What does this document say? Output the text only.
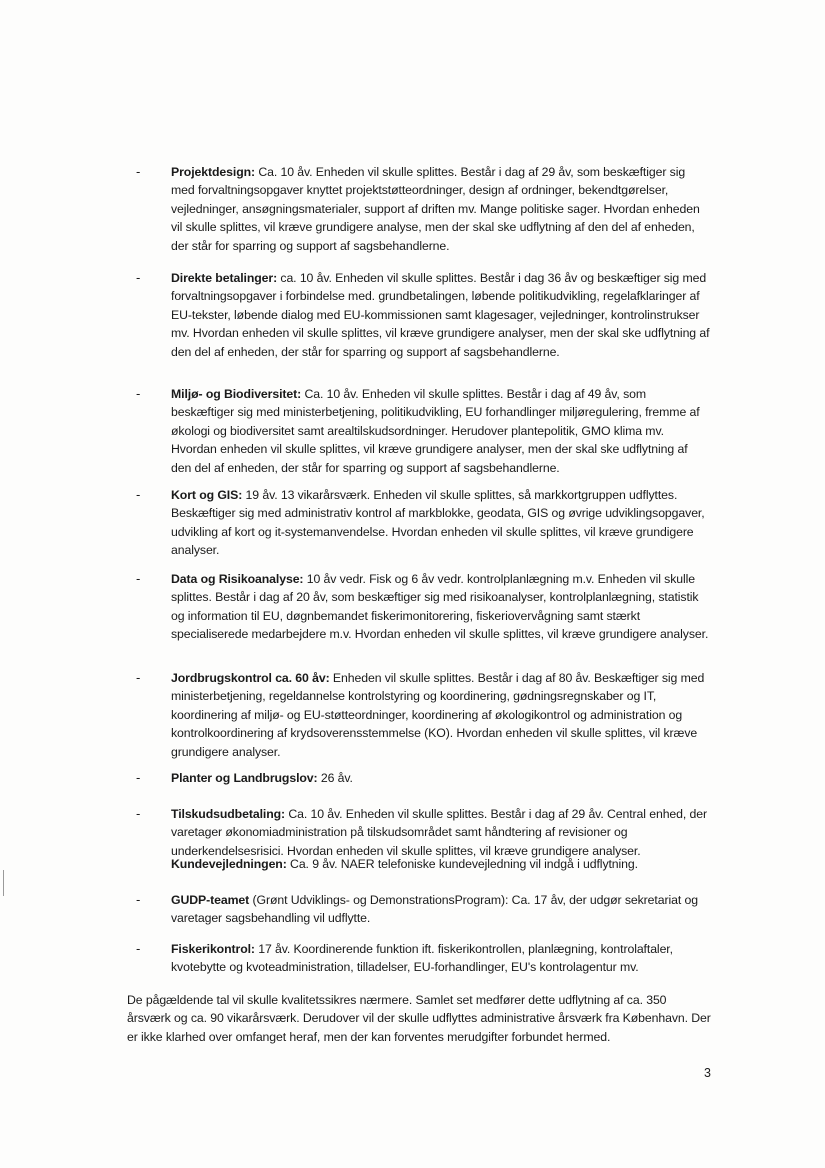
- Projektdesign: Ca. 10 åv. Enheden vil skulle splittes. Består i dag af 29 åv, som beskæftiger sig med forvaltningsopgaver knyttet projektstøtteordninger, design af ordninger, bekendtgørelser, vejledninger, ansøgningsmaterialer, support af driften mv. Mange politiske sager. Hvordan enheden vil skulle splittes, vil kræve grundigere analyse, men der skal ske udflytning af den del af enheden, der står for sparring og support af sagsbehandlerne.
- Direkte betalinger: ca. 10 åv. Enheden vil skulle splittes. Består i dag 36 åv og beskæftiger sig med forvaltningsopgaver i forbindelse med. grundbetalingen, løbende politikudvikling, regelafklaringer af EU-tekster, løbende dialog med EU-kommissionen samt klagesager, vejledninger, kontrolinstrukser mv. Hvordan enheden vil skulle splittes, vil kræve grundigere analyser, men der skal ske udflytning af den del af enheden, der står for sparring og support af sagsbehandlerne.
- Miljø- og Biodiversitet: Ca. 10 åv. Enheden vil skulle splittes. Består i dag af 49 åv, som beskæftiger sig med ministerbetjening, politikudvikling, EU forhandlinger miljøregulering, fremme af økologi og biodiversitet samt arealtilskudsordninger. Herudover plantepolitik, GMO klima mv. Hvordan enheden vil skulle splittes, vil kræve grundigere analyser, men der skal ske udflytning af den del af enheden, der står for sparring og support af sagsbehandlerne.
- Kort og GIS: 19 åv. 13 vikarårsværk. Enheden vil skulle splittes, så markkortgruppen udflyttes. Beskæftiger sig med administrativ kontrol af markblokke, geodata, GIS og øvrige udviklingsopgaver, udvikling af kort og it-systemanvendelse. Hvordan enheden vil skulle splittes, vil kræve grundigere analyser.
- Data og Risikoanalyse: 10 åv vedr. Fisk og 6 åv vedr. kontrolplanlægning m.v. Enheden vil skulle splittes. Består i dag af 20 åv, som beskæftiger sig med risikoanalyser, kontrolplanlægning, statistik og information til EU, døgnbemandet fiskerimonitorering, fiskeriovervågning samt stærkt specialiserede medarbejdere m.v. Hvordan enheden vil skulle splittes, vil kræve grundigere analyser.
- Jordbrugskontrol ca. 60 åv: Enheden vil skulle splittes. Består i dag af 80 åv. Beskæftiger sig med ministerbetjening, regeldannelse kontrolstyring og koordinering, gødningsregnskaber og IT, koordinering af miljø- og EU-støtteordninger, koordinering af økologikontrol og administration og kontrolkoordinering af krydsoverensstemmelse (KO). Hvordan enheden vil skulle splittes, vil kræve grundigere analyser.
- Planter og Landbrugslov: 26 åv.
- Tilskudsudbetaling: Ca. 10 åv. Enheden vil skulle splittes. Består i dag af 29 åv. Central enhed, der varetager økonomiadministration på tilskudsområdet samt håndtering af revisioner og underkendelsesrisici. Hvordan enheden vil skulle splittes, vil kræve grundigere analyser.
Kundevejledningen: Ca. 9 åv. NAER telefoniske kundevejledning vil indgå i udflytning.
- GUDP-teamet (Grønt Udviklings- og DemonstrationsProgram): Ca. 17 åv, der udgør sekretariat og varetager sagsbehandling vil udflytte.
- Fiskerikontrol: 17 åv. Koordinerende funktion ift. fiskerikontrollen, planlægning, kontrolaftaler, kvotebytte og kvoteadministration, tilladelser, EU-forhandlinger, EU's kontrolagentur mv.

De pågældende tal vil skulle kvalitetssikres nærmere. Samlet set medfører dette udflytning af ca. 350 årsværk og ca. 90 vikarårsværk. Derudover vil der skulle udflyttes administrative årsværk fra København. Der er ikke klarhed over omfanget heraf, men der kan forventes merudgifter forbundet hermed.

3
